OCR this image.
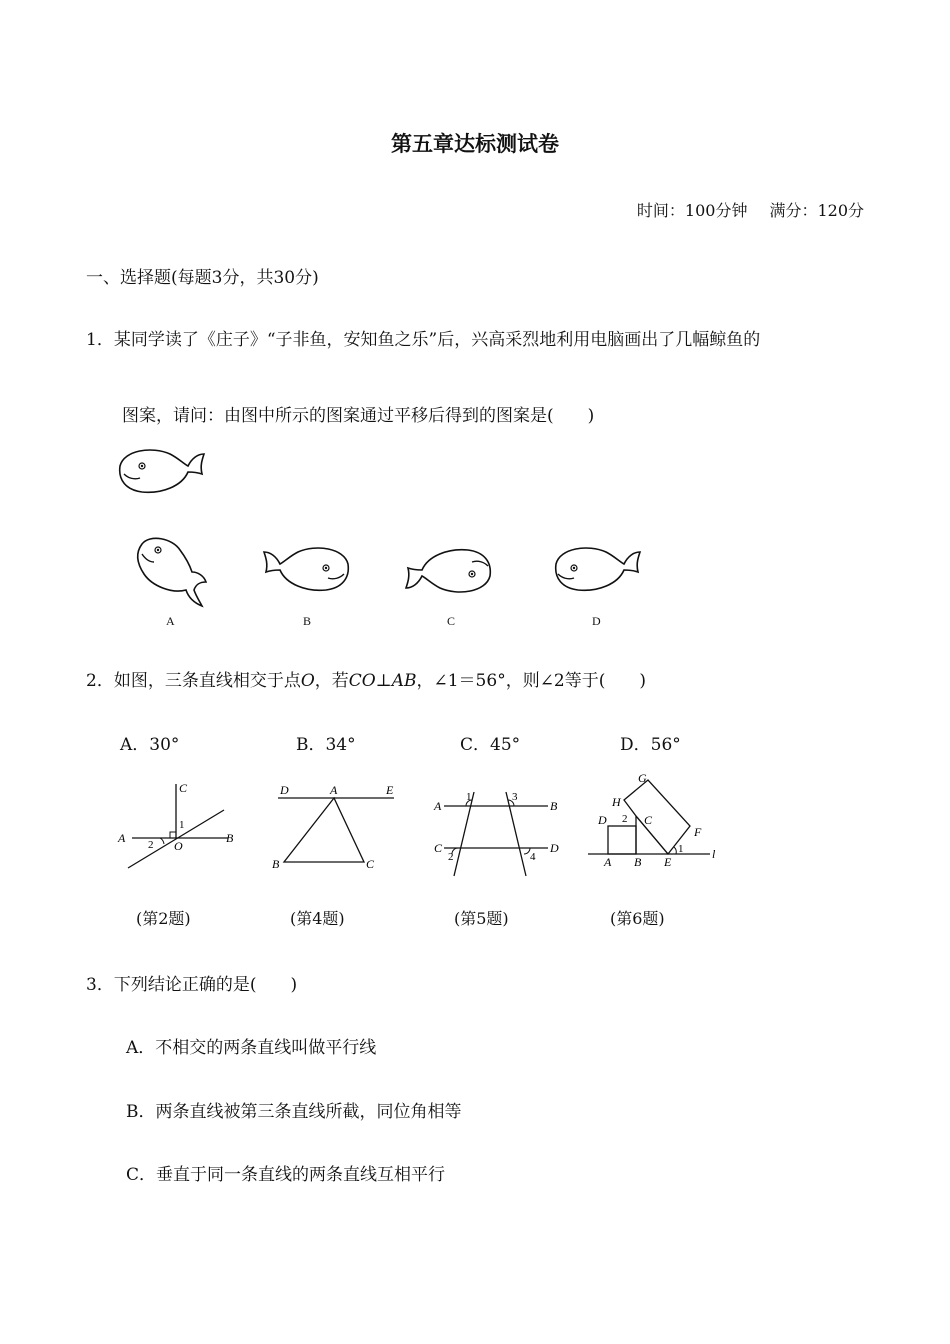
第五章达标测试卷
时间：100分钟 满分：120分
一、选择题(每题3分，共30分)
1．某同学读了《庄子》“子非鱼，安知鱼之乐”后，兴高采烈地利用电脑画出了几幅鲸鱼的
图案，请问：由图中所示的图案通过平移后得到的图案是(　　)
A	B	C	D
2．如图，三条直线相交于点O，若CO⊥AB，∠1＝56°，则∠2等于(　　)
A．30°	B．34°	C．45°	D．56°
C
A	B
O
1
2
D	A	E
B	C
A	B
C	D
1	3
2	4
G
H
D 2 C
F
A B E
1 l
(第2题)	(第4题)	(第5题)	(第6题)
3．下列结论正确的是(　　)
A．不相交的两条直线叫做平行线
B．两条直线被第三条直线所截，同位角相等
C．垂直于同一条直线的两条直线互相平行
